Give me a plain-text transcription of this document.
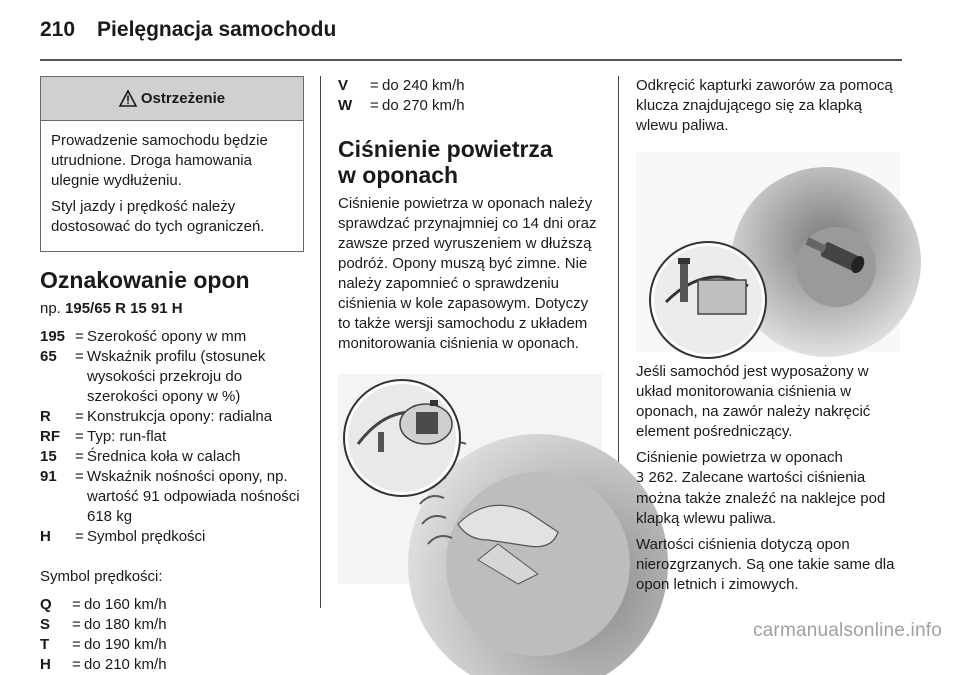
210 Pielęgnacja samochodu
Ostrzeżenie

Prowadzenie samochodu będzie utrudnione. Droga hamowania ulegnie wydłużeniu.

Styl jazdy i prędkość należy dostosować do tych ograniczeń.

Oznakowanie opon
np. 195/65 R 15 91 H
195 = Szerokość opony w mm
65	= Wskaźnik profilu (stosunek wysokości przekroju do szerokości opony w %)
R	= Konstrukcja opony: radialna
RF	= Typ: run-flat
15	= Średnica koła w calach
91	= Wskaźnik nośności opony, np. wartość 91 odpowiada nośności 618 kg
H	= Symbol prędkości

Symbol prędkości:

Q	= do 160 km/h
S	= do 180 km/h
T	= do 190 km/h
H	= do 210 km/h
V	= do 240 km/h
W	= do 270 km/h
Ciśnienie powietrza w oponach

Ciśnienie powietrza w oponach należy sprawdzać przynajmniej co 14 dni oraz zawsze przed wyruszeniem w dłuższą podróż. Opony muszą być zimne. Nie należy zapomnieć o sprawdzeniu ciśnienia w kole zapasowym. Dotyczy to także wersji samochodu z układem monitorowania ciśnienia w oponach.

Odkręcić kapturki zaworów za pomocą klucza znajdującego się za klapką wlewu paliwa.

Jeśli samochód jest wyposażony w układ monitorowania ciśnienia w oponach, na zawór należy nakręcić element pośredniczący.

Ciśnienie powietrza w oponach
3 262. Zalecane wartości ciśnienia można także znaleźć na naklejce pod klapką wlewu paliwa.

Wartości ciśnienia dotyczą opon nierozgrzanych. Są one takie same dla opon letnich i zimowych.

carmanualsonline.info
